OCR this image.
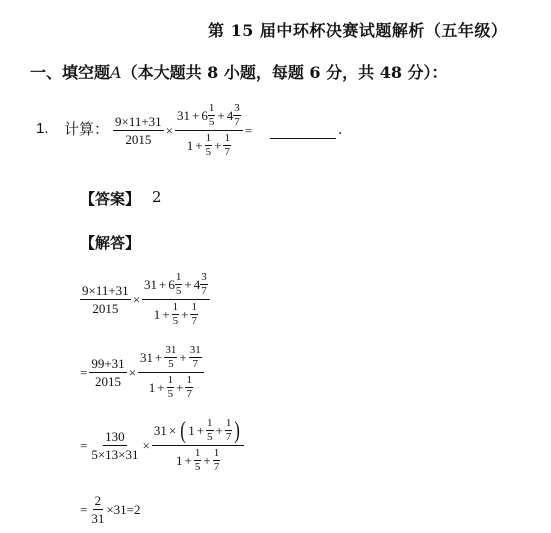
第 15 届中环杯决赛试题解析（五年级）
一、填空题A（本大题共 8 小题，每题 6 分，共 48 分）：
1. 计算： $\frac{9\times 11+31}{2015} \times \frac{31 + 6 \frac{1}{5} + 4 \frac{3}{7}}{1 + \frac{1}{5} + \frac{1}{7}}$ =	.
【答案】 2
【解答】
$\frac{9\times 11+31}{2015} \times \frac{31 + 6 \frac{1}{5} + 4 \frac{3}{7}}{1 + \frac{1}{5} + \frac{1}{7}}$
= $\frac{99+31}{2015} \times \frac{31 + \frac{31}{5} + \frac{31}{7}}{1 + \frac{1}{5} + \frac{1}{7}}$
= $\frac{130}{5\times 13\times 31} \times \frac{31 \times ( 1 + \frac{1}{5} + \frac{1}{7} )}{1 + \frac{1}{5} + \frac{1}{7}}$
= $\frac{2}{31} \times 31=2$
